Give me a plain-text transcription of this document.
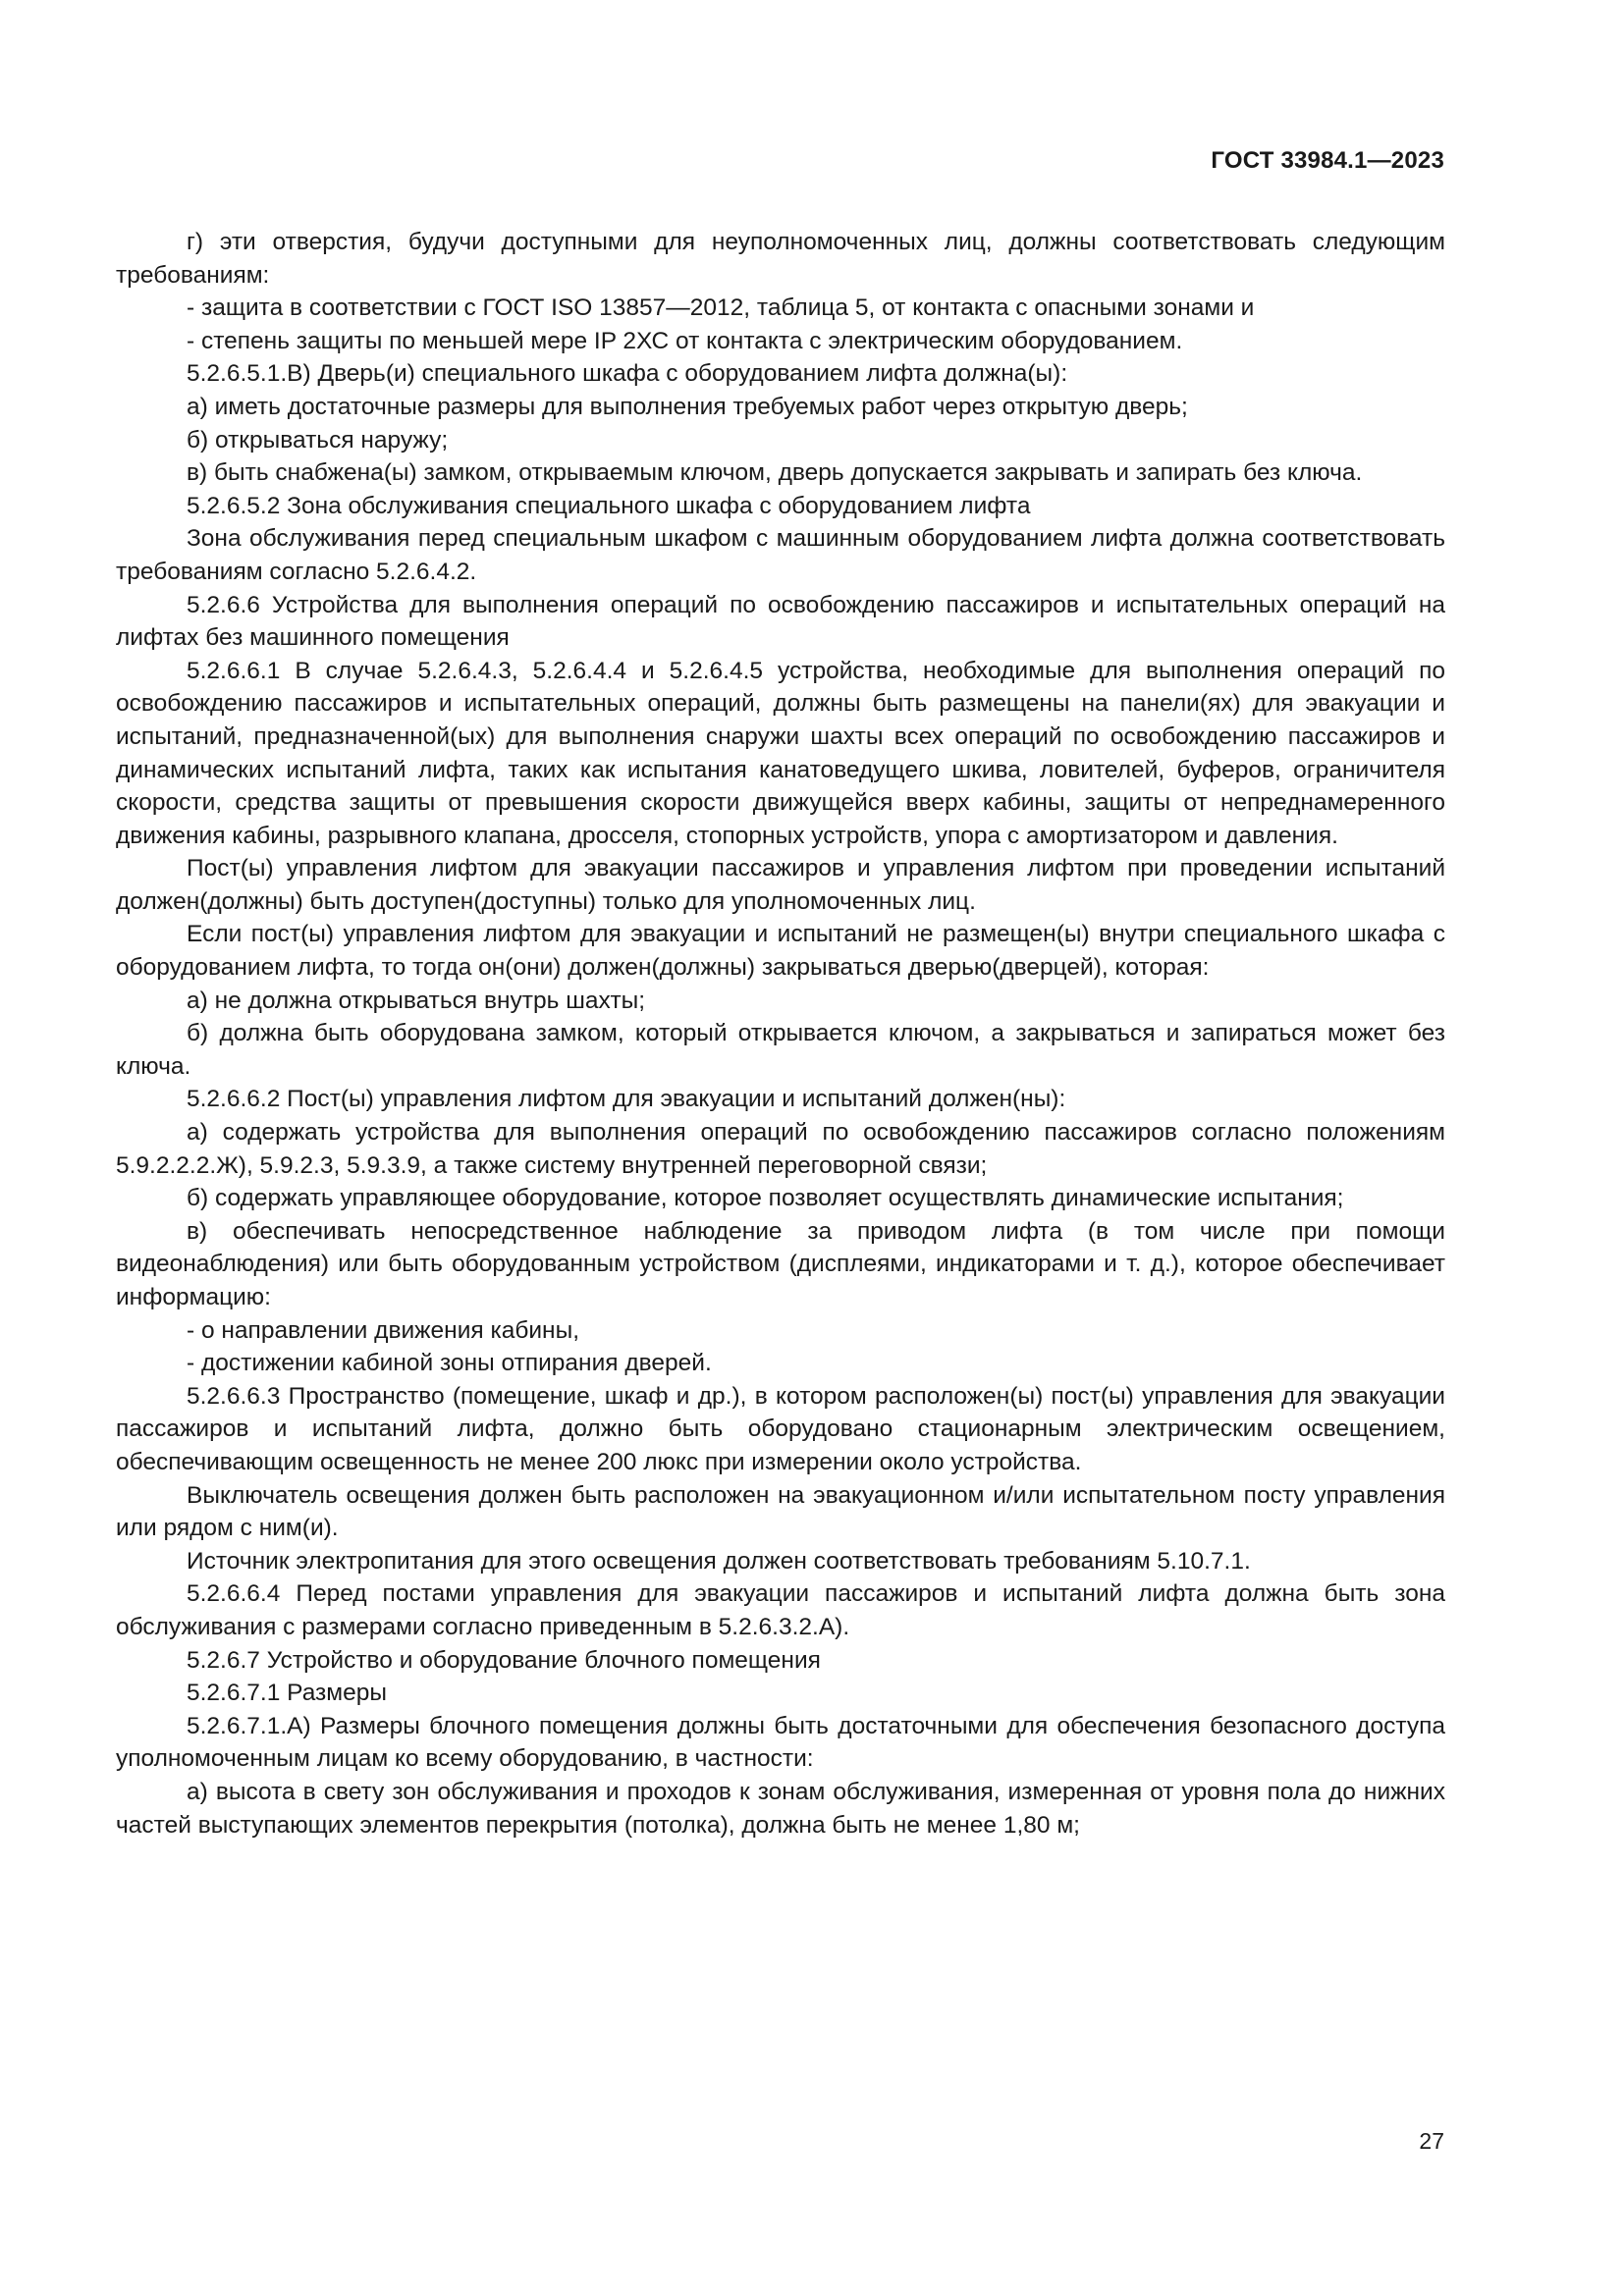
ГОСТ 33984.1—2023

г) эти отверстия, будучи доступными для неуполномоченных лиц, должны соответствовать следующим требованиям:

- защита в соответствии с ГОСТ ISO 13857—2012, таблица 5, от контакта с опасными зонами и

- степень защиты по меньшей мере IP 2ХС от контакта с электрическим оборудованием.

5.2.6.5.1.В) Дверь(и) специального шкафа с оборудованием лифта должна(ы):

а) иметь достаточные размеры для выполнения требуемых работ через открытую дверь;

б) открываться наружу;

в) быть снабжена(ы) замком, открываемым ключом, дверь допускается закрывать и запирать без ключа.

5.2.6.5.2 Зона обслуживания специального шкафа с оборудованием лифта

Зона обслуживания перед специальным шкафом с машинным оборудованием лифта должна соответствовать требованиям согласно 5.2.6.4.2.

5.2.6.6 Устройства для выполнения операций по освобождению пассажиров и испытательных операций на лифтах без машинного помещения

5.2.6.6.1 В случае 5.2.6.4.3, 5.2.6.4.4 и 5.2.6.4.5 устройства, необходимые для выполнения операций по освобождению пассажиров и испытательных операций, должны быть размещены на панели(ях) для эвакуации и испытаний, предназначенной(ых) для выполнения снаружи шахты всех операций по освобождению пассажиров и динамических испытаний лифта, таких как испытания канатоведущего шкива, ловителей, буферов, ограничителя скорости, средства защиты от превышения скорости движущейся вверх кабины, защиты от непреднамеренного движения кабины, разрывного клапана, дросселя, стопорных устройств, упора с амортизатором и давления.

Пост(ы) управления лифтом для эвакуации пассажиров и управления лифтом при проведении испытаний должен(должны) быть доступен(доступны) только для уполномоченных лиц.

Если пост(ы) управления лифтом для эвакуации и испытаний не размещен(ы) внутри специального шкафа с оборудованием лифта, то тогда он(они) должен(должны) закрываться дверью(дверцей), которая:

а) не должна открываться внутрь шахты;

б) должна быть оборудована замком, который открывается ключом, а закрываться и запираться может без ключа.

5.2.6.6.2 Пост(ы) управления лифтом для эвакуации и испытаний должен(ны):

а) содержать устройства для выполнения операций по освобождению пассажиров согласно положениям 5.9.2.2.2.Ж), 5.9.2.3, 5.9.3.9, а также систему внутренней переговорной связи;

б) содержать управляющее оборудование, которое позволяет осуществлять динамические испытания;

в) обеспечивать непосредственное наблюдение за приводом лифта (в том числе при помощи видеонаблюдения) или быть оборудованным устройством (дисплеями, индикаторами и т. д.), которое обеспечивает информацию:

- о направлении движения кабины,

- достижении кабиной зоны отпирания дверей.

5.2.6.6.3 Пространство (помещение, шкаф и др.), в котором расположен(ы) пост(ы) управления для эвакуации пассажиров и испытаний лифта, должно быть оборудовано стационарным электрическим освещением, обеспечивающим освещенность не менее 200 люкс при измерении около устройства.

Выключатель освещения должен быть расположен на эвакуационном и/или испытательном посту управления или рядом с ним(и).

Источник электропитания для этого освещения должен соответствовать требованиям 5.10.7.1.

5.2.6.6.4 Перед постами управления для эвакуации пассажиров и испытаний лифта должна быть зона обслуживания с размерами согласно приведенным в 5.2.6.3.2.А).

5.2.6.7 Устройство и оборудование блочного помещения

5.2.6.7.1 Размеры

5.2.6.7.1.А) Размеры блочного помещения должны быть достаточными для обеспечения безопасного доступа уполномоченным лицам ко всему оборудованию, в частности:

а) высота в свету зон обслуживания и проходов к зонам обслуживания, измеренная от уровня пола до нижних частей выступающих элементов перекрытия (потолка), должна быть не менее 1,80 м;

27
